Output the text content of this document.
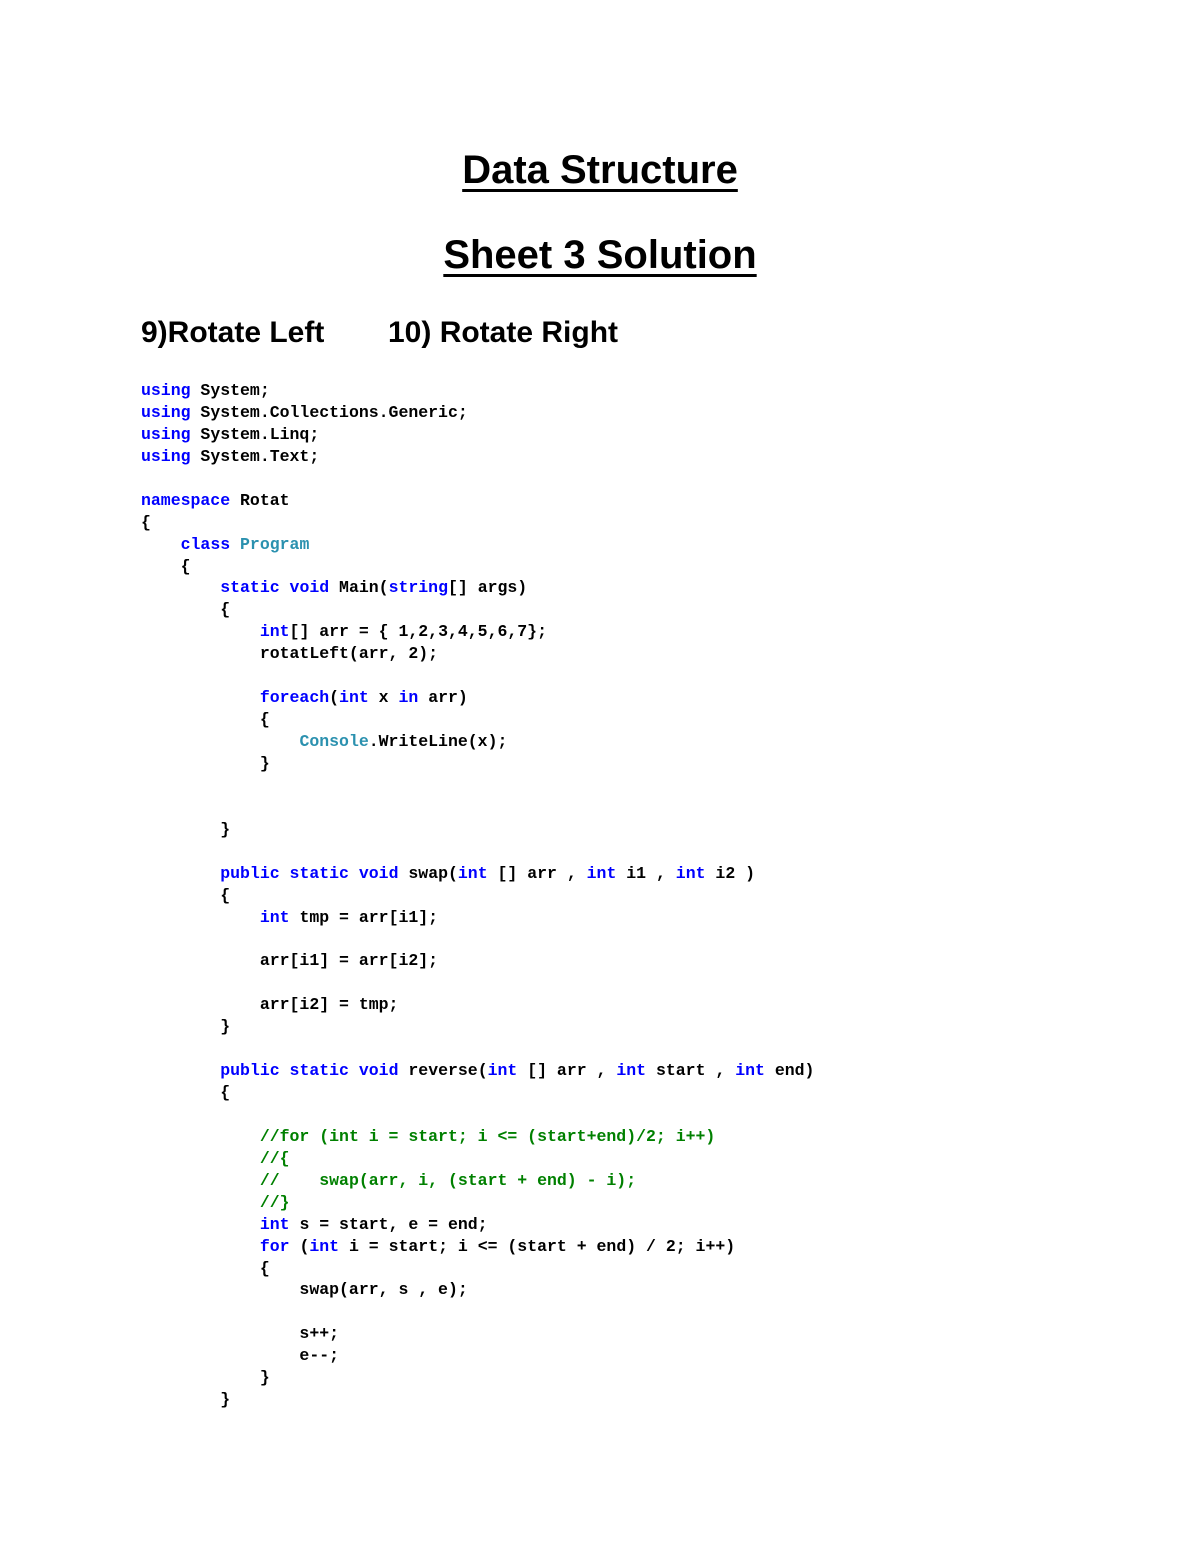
Data Structure
Sheet 3 Solution
9)Rotate Left 10) Rotate Right
using System;
using System.Collections.Generic;
using System.Linq;
using System.Text;

namespace Rotat
{
class Program
{
static void Main(string[] args)
{
int[] arr = { 1,2,3,4,5,6,7};
rotatLeft(arr, 2);

foreach(int x in arr)
{
Console.WriteLine(x);
}

}

public static void swap(int [] arr , int i1 , int i2 )
{
int tmp = arr[i1];

arr[i1] = arr[i2];

arr[i2] = tmp;
}

public static void reverse(int [] arr , int start , int end)
{

//for (int i = start; i <= (start+end)/2; i++)
//{
//    swap(arr, i, (start + end) - i);
//}
int s = start, e = end;
for (int i = start; i <= (start + end) / 2; i++)
{
swap(arr, s , e);

s++;
e--;
}
}
